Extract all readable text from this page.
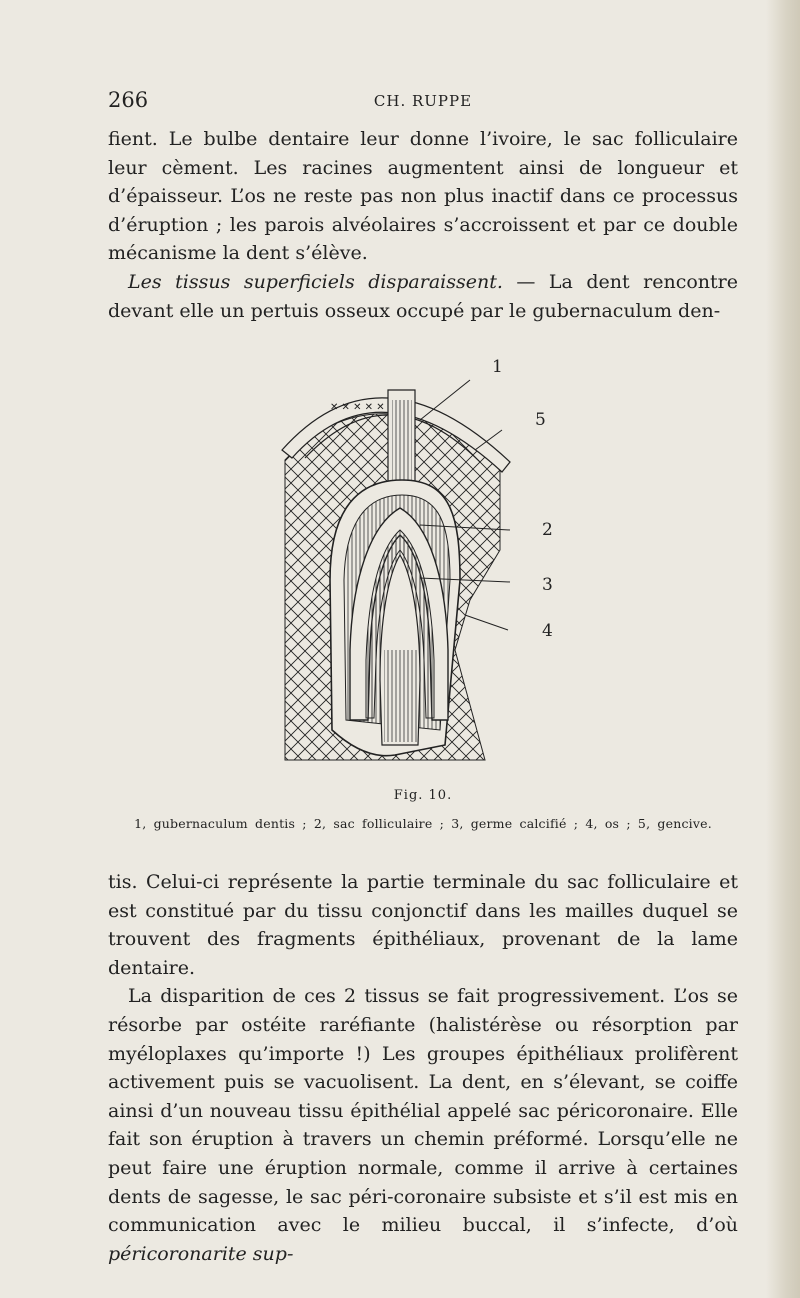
266	CH. RUPPE

fient. Le bulbe dentaire leur donne l’ivoire, le sac folliculaire leur cèment. Les racines augmentent ainsi de longueur et d’épaisseur. L’os ne reste pas non plus inactif dans ce processus d’éruption ; les parois alvéolaires s’accroissent et par ce double mécanisme la dent s’élève.

Les tissus superficiels disparaissent. — La dent rencontre devant elle un pertuis osseux occupé par le gubernaculum den-

✕ ✕ ✕ ✕ ✕
1
5
2
3
4
Fig. 10.
1, gubernaculum dentis ; 2, sac folliculaire ; 3, germe calcifié ; 4, os ; 5, gencive.

tis. Celui-ci représente la partie terminale du sac folliculaire et est constitué par du tissu conjonctif dans les mailles duquel se trouvent des fragments épithéliaux, provenant de la lame dentaire.

La disparition de ces 2 tissus se fait progressivement. L’os se résorbe par ostéite raréfiante (halistérèse ou résorption par myéloplaxes qu’importe !) Les groupes épithéliaux prolifèrent activement puis se vacuolisent. La dent, en s’élevant, se coiffe ainsi d’un nouveau tissu épithélial appelé sac péricoronaire. Elle fait son éruption à travers un chemin préformé. Lorsqu’elle ne peut faire une éruption normale, comme il arrive à certaines dents de sagesse, le sac péri-coronaire subsiste et s’il est mis en communication avec le milieu buccal, il s’infecte, d’où péricoronarite sup-
